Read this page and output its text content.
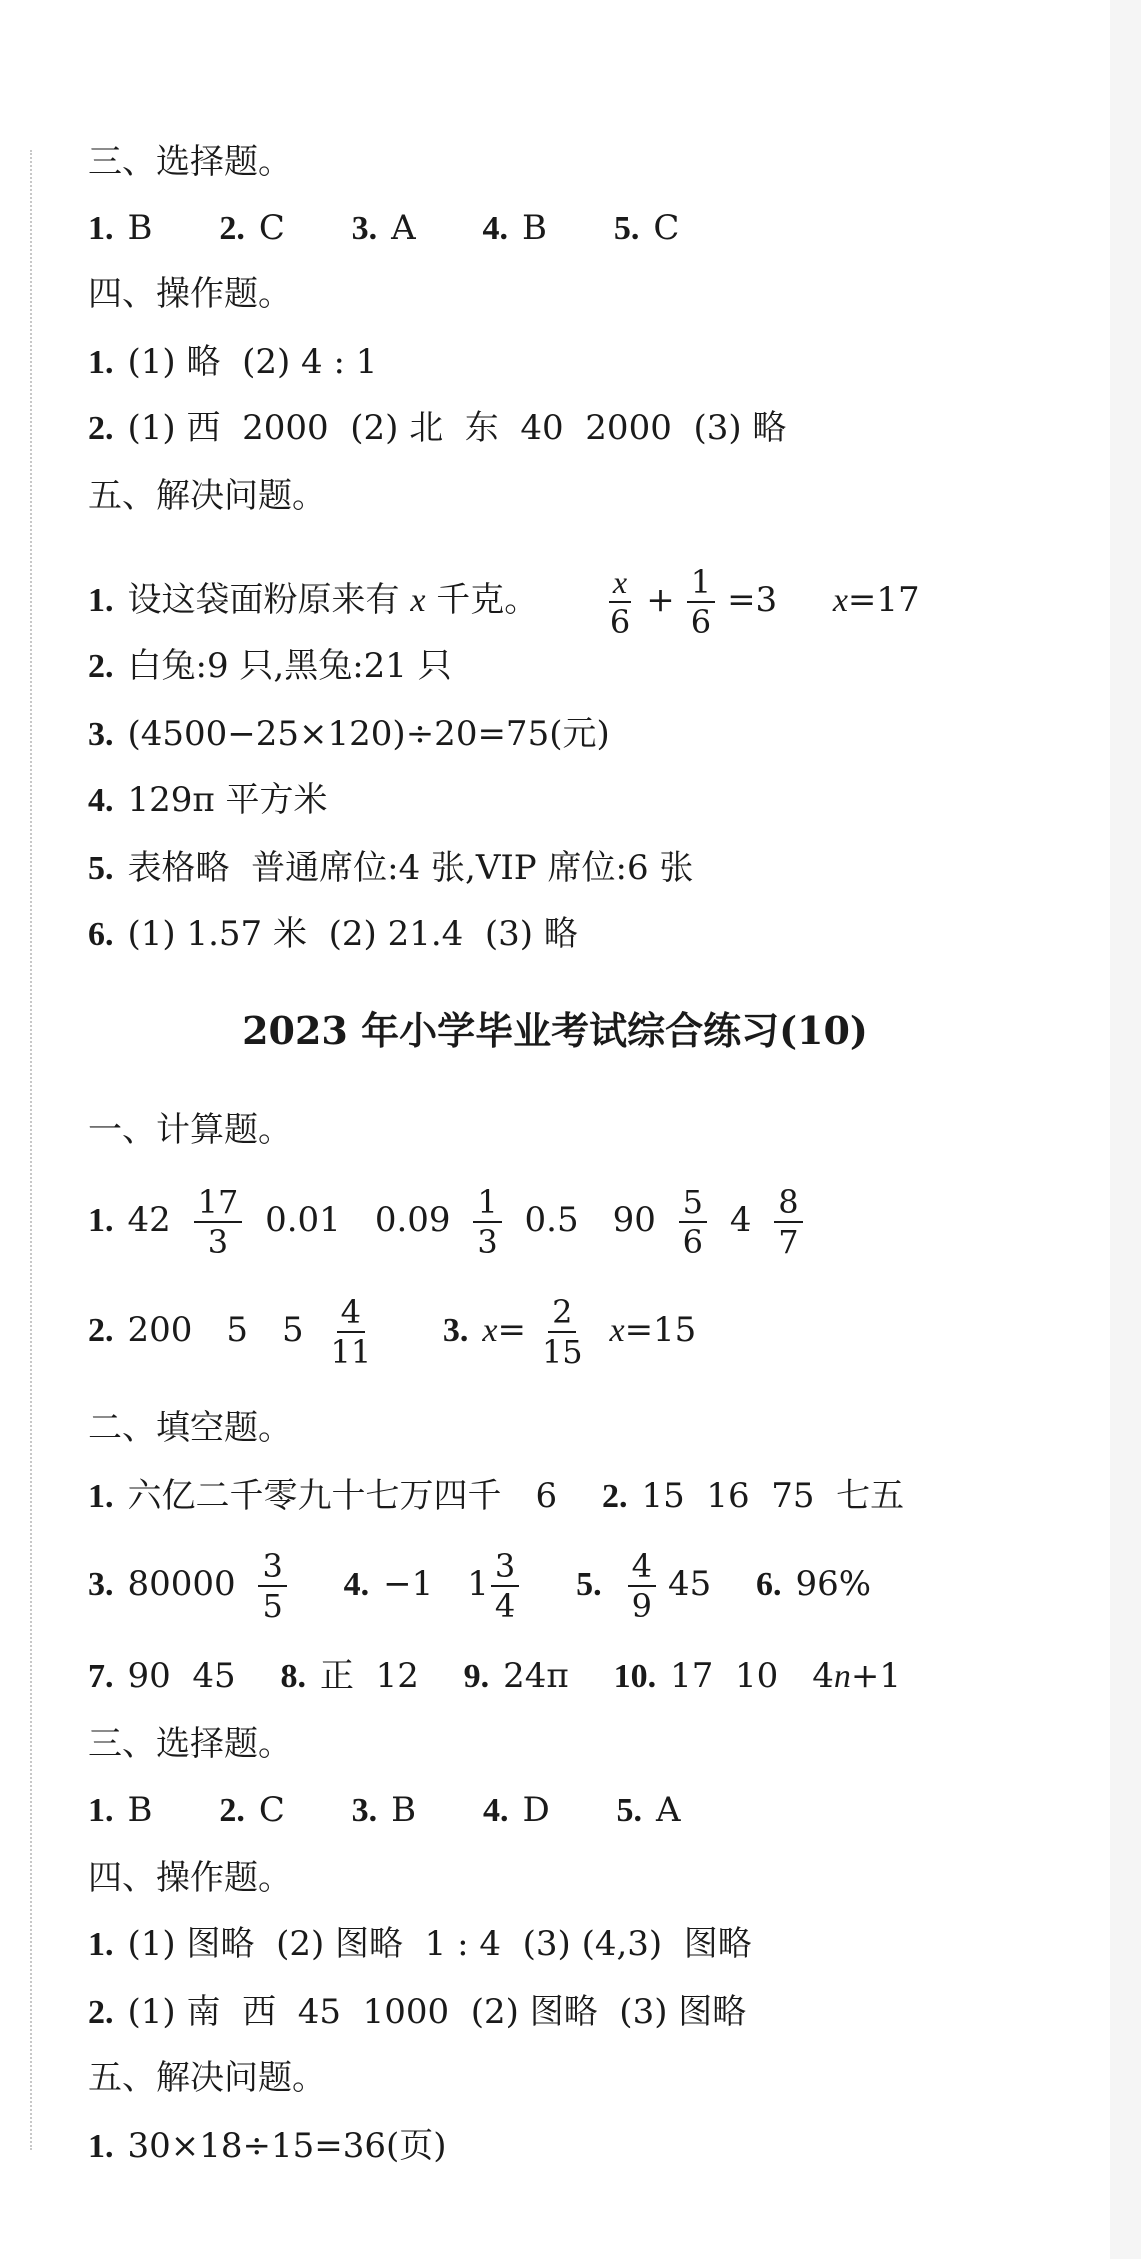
三、选择题。
1. B 2. C 3. A 4. B 5. C
四、操作题。
1. (1) 略  (2) 4 : 1
2. (1) 西  2000  (2) 北  东  40  2000  (3) 略
五、解决问题。
1. 设这袋面粉原来有 x 千克。 $\frac{x}{6} + \frac{1}{6} =3$ x=17
2. 白兔:9 只,黑兔:21 只
3. (4500−25×120)÷20=75(元)
4. 129π 平方米
5. 表格略  普通席位:4 张,VIP 席位:6 张
6. (1) 1.57 米  (2) 21.4  (3) 略
2023 年小学毕业考试综合练习(10)
一、计算题。
1. $42 \frac{17}{3} 0.01$ $0.09 \frac{1}{3} 0.5$ $90 \frac{5}{6} 4 \frac{8}{7}$
2. 200 5 $5 \frac{4}{11} 3$. $x= \frac{2}{15} x=15$
二、填空题。
1. 六亿二千零九十七万四千 6 2. 15  16  75  七五
3. $80000 \frac{3}{5} 4$. −1 $1 \frac{3}{4} 5$. $\frac{4}{9} 45$ 6. 96%
7. 90  45 8. 正  12 9. 24π 10. 17  10 4n+1
三、选择题。
1. B 2. C 3. B 4. D 5. A
四、操作题。
1. (1) 图略  (2) 图略  1 : 4  (3) (4,3)  图略
2. (1) 南  西  45  1000  (2) 图略  (3) 图略
五、解决问题。
1. 30×18÷15=36(页)
